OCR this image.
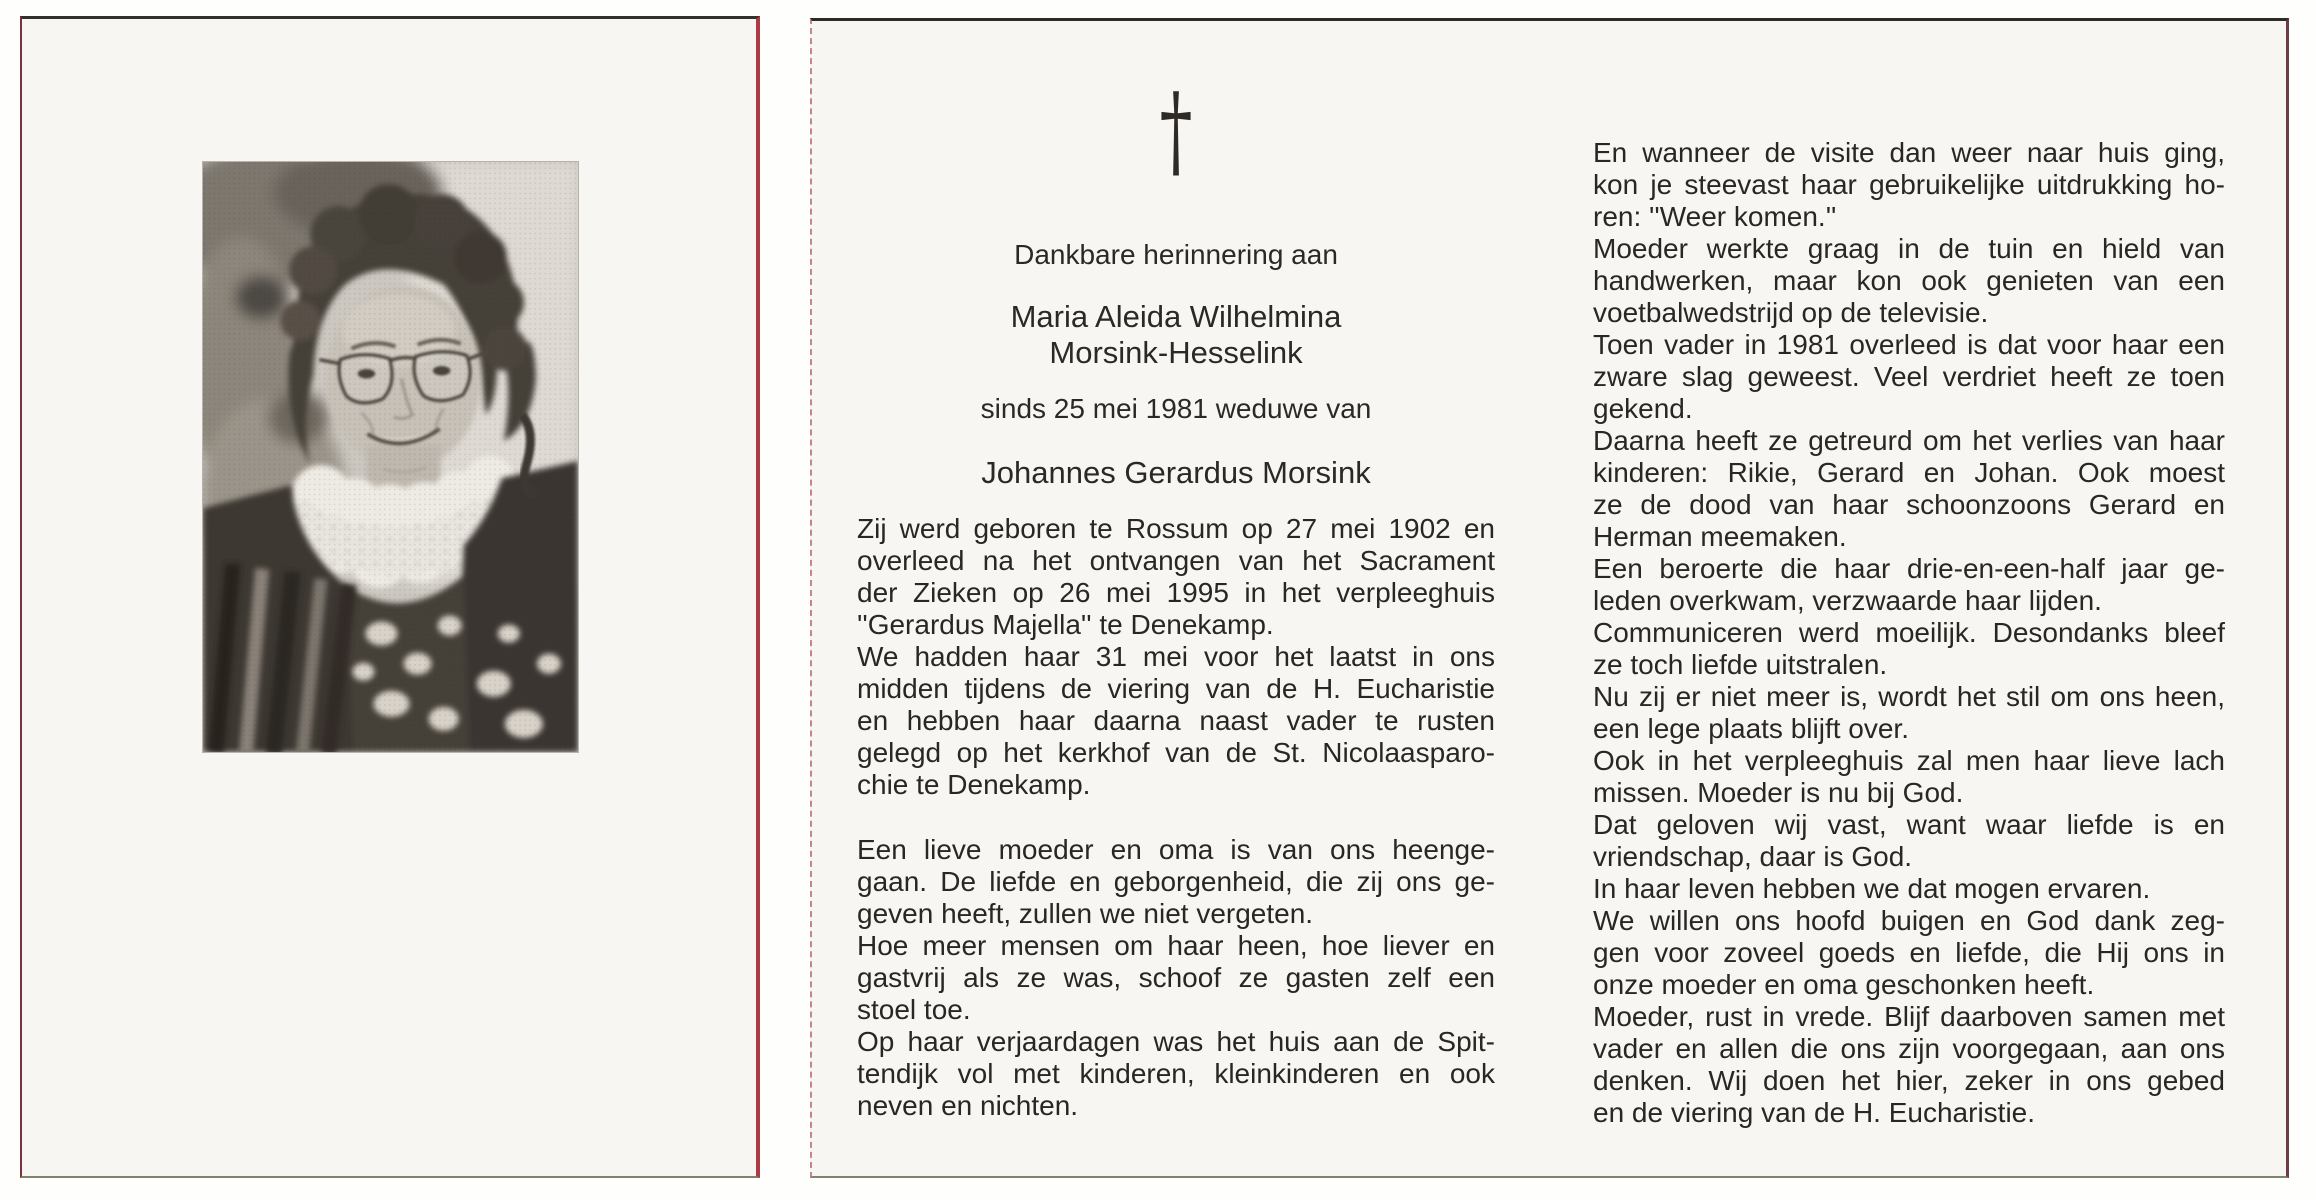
†
Dankbare herinnering aan
Maria Aleida Wilhelmina
Morsink-Hesselink
sinds 25 mei 1981 weduwe van
Johannes Gerardus Morsink
Zij werd geboren te Rossum op 27 mei 1902 en
overleed na het ontvangen van het Sacrament
der Zieken op 26 mei 1995 in het verpleeghuis
''Gerardus Majella'' te Denekamp.
We hadden haar 31 mei voor het laatst in ons
midden tijdens de viering van de H. Eucharistie
en hebben haar daarna naast vader te rusten
gelegd op het kerkhof van de St. Nicolaasparo-
chie te Denekamp.
Een lieve moeder en oma is van ons heenge-
gaan. De liefde en geborgenheid, die zij ons ge-
geven heeft, zullen we niet vergeten.
Hoe meer mensen om haar heen, hoe liever en
gastvrij als ze was, schoof ze gasten zelf een
stoel toe.
Op haar verjaardagen was het huis aan de Spit-
tendijk vol met kinderen, kleinkinderen en ook
neven en nichten.
En wanneer de visite dan weer naar huis ging,
kon je steevast haar gebruikelijke uitdrukking ho-
ren: ''Weer komen.''
Moeder werkte graag in de tuin en hield van
handwerken, maar kon ook genieten van een
voetbalwedstrijd op de televisie.
Toen vader in 1981 overleed is dat voor haar een
zware slag geweest. Veel verdriet heeft ze toen
gekend.
Daarna heeft ze getreurd om het verlies van haar
kinderen: Rikie, Gerard en Johan. Ook moest
ze de dood van haar schoonzoons Gerard en
Herman meemaken.
Een beroerte die haar drie-en-een-half jaar ge-
leden overkwam, verzwaarde haar lijden.
Communiceren werd moeilijk. Desondanks bleef
ze toch liefde uitstralen.
Nu zij er niet meer is, wordt het stil om ons heen,
een lege plaats blijft over.
Ook in het verpleeghuis zal men haar lieve lach
missen. Moeder is nu bij God.
Dat geloven wij vast, want waar liefde is en
vriendschap, daar is God.
In haar leven hebben we dat mogen ervaren.
We willen ons hoofd buigen en God dank zeg-
gen voor zoveel goeds en liefde, die Hij ons in
onze moeder en oma geschonken heeft.
Moeder, rust in vrede. Blijf daarboven samen met
vader en allen die ons zijn voorgegaan, aan ons
denken. Wij doen het hier, zeker in ons gebed
en de viering van de H. Eucharistie.
